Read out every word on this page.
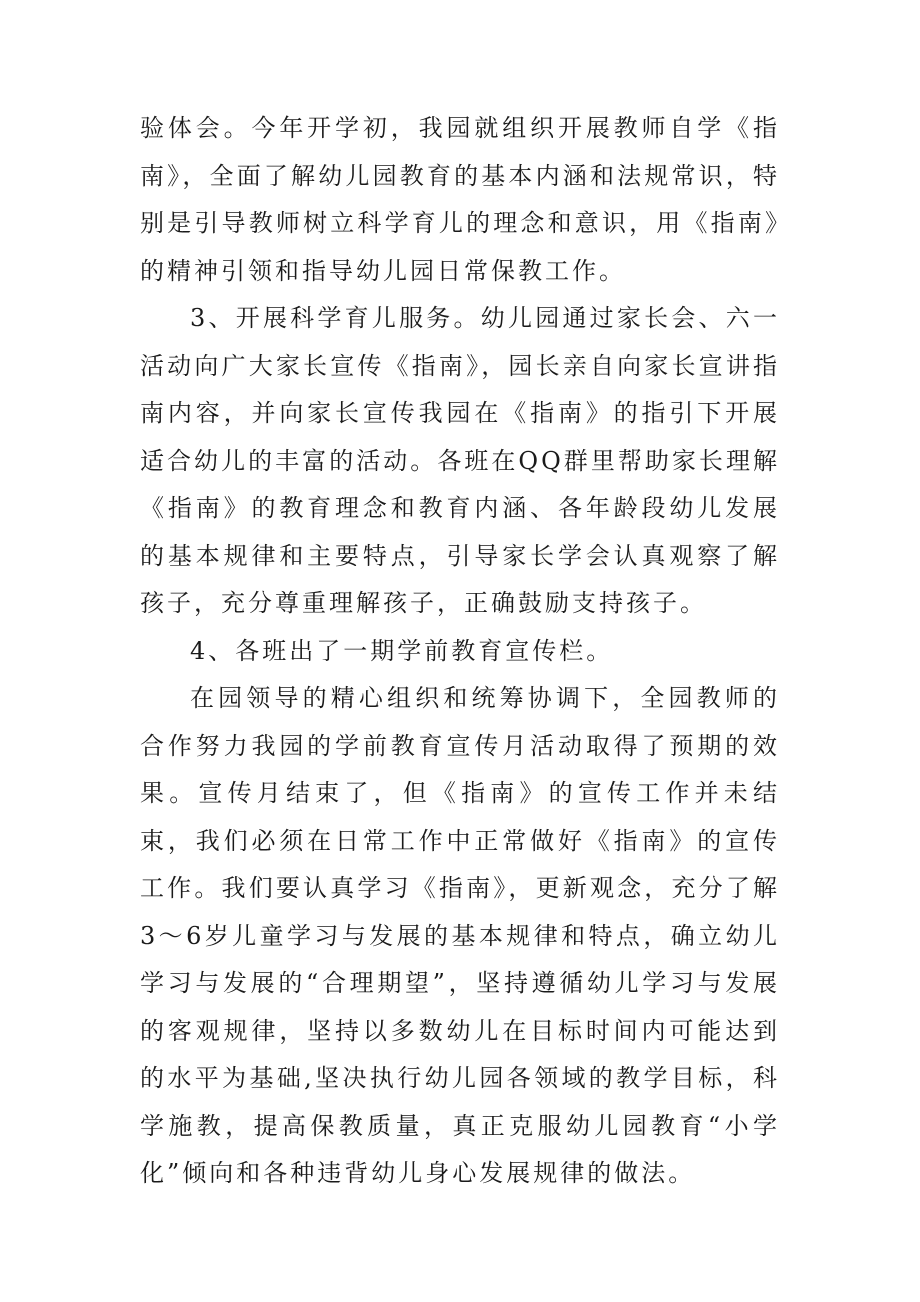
验体会。今年开学初，我园就组织开展教师自学《指南》，全面了解幼儿园教育的基本内涵和法规常识，特别是引导教师树立科学育儿的理念和意识，用《指南》的精神引领和指导幼儿园日常保教工作。

3、开展科学育儿服务。幼儿园通过家长会、六一活动向广大家长宣传《指南》，园长亲自向家长宣讲指南内容，并向家长宣传我园在《指南》的指引下开展适合幼儿的丰富的活动。各班在QQ群里帮助家长理解《指南》的教育理念和教育内涵、各年龄段幼儿发展的基本规律和主要特点，引导家长学会认真观察了解孩子，充分尊重理解孩子，正确鼓励支持孩子。

4、各班出了一期学前教育宣传栏。

在园领导的精心组织和统筹协调下，全园教师的合作努力我园的学前教育宣传月活动取得了预期的效果。宣传月结束了，但《指南》的宣传工作并未结束，我们必须在日常工作中正常做好《指南》的宣传工作。我们要认真学习《指南》，更新观念，充分了解3～6岁儿童学习与发展的基本规律和特点，确立幼儿学习与发展的“合理期望”，坚持遵循幼儿学习与发展的客观规律，坚持以多数幼儿在目标时间内可能达到的水平为基础,坚决执行幼儿园各领域的教学目标，科学施教，提高保教质量，真正克服幼儿园教育“小学化”倾向和各种违背幼儿身心发展规律的做法。
